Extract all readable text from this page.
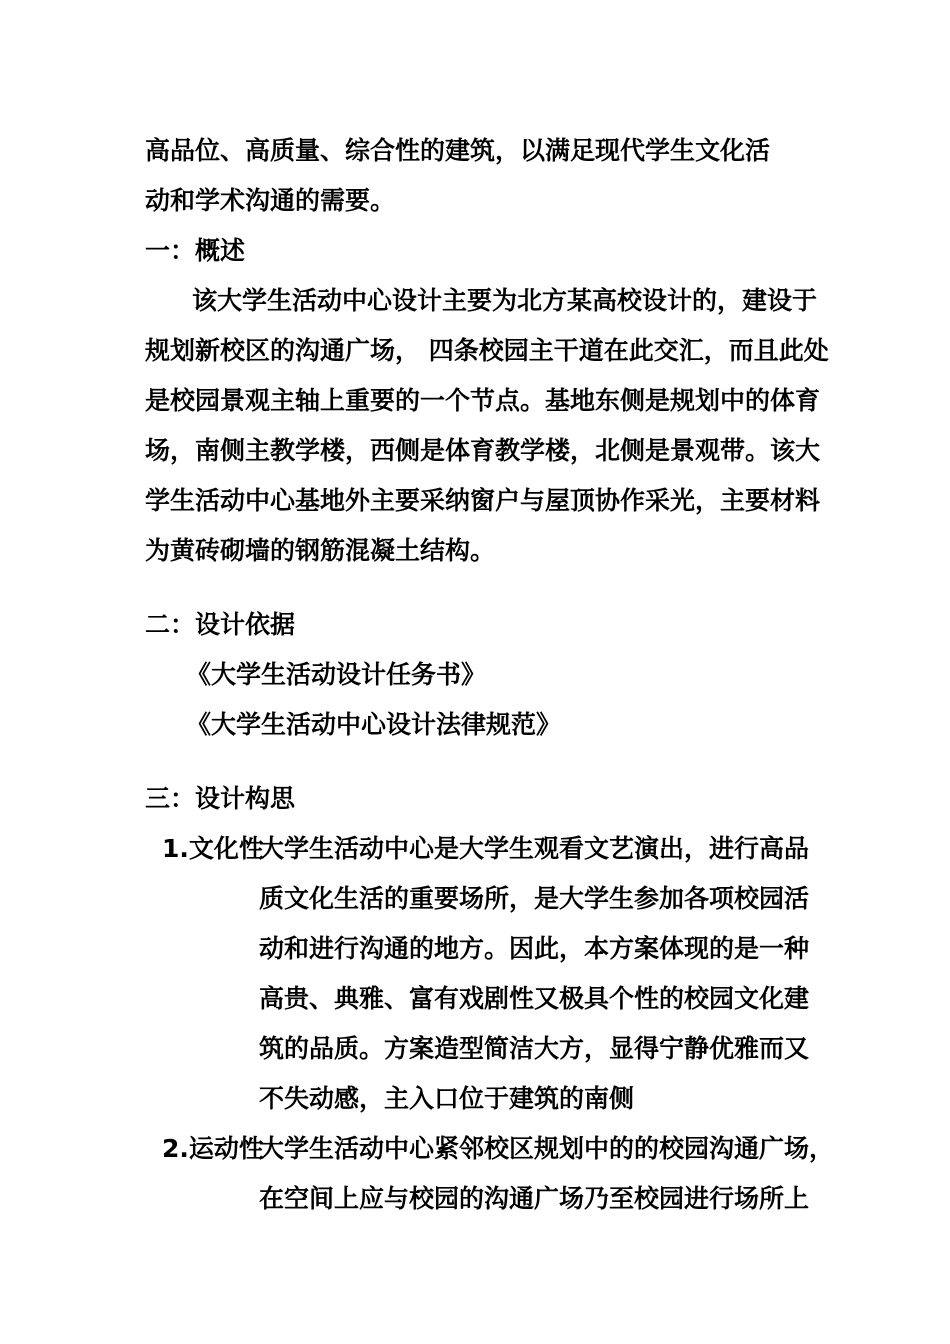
高品位、高质量、综合性的建筑，以满足现代学生文化活
动和学术沟通的需要。
一：概述
该大学生活动中心设计主要为北方某高校设计的，建设于
规划新校区的沟通广场， 四条校园主干道在此交汇，而且此处
是校园景观主轴上重要的一个节点。基地东侧是规划中的体育
场，南侧主教学楼，西侧是体育教学楼，北侧是景观带。该大
学生活动中心基地外主要采纳窗户与屋顶协作采光，主要材料
为黄砖砌墙的钢筋混凝土结构。
二：设计依据
《大学生活动设计任务书》
《大学生活动中心设计法律规范》
三：设计构思
1.文化性
大学生活动中心是大学生观看文艺演出，进行高品
质文化生活的重要场所，是大学生参加各项校园活
动和进行沟通的地方。因此，本方案体现的是一种
高贵、典雅、富有戏剧性又极具个性的校园文化建
筑的品质。方案造型简洁大方，显得宁静优雅而又
不失动感，主入口位于建筑的南侧
2.运动性
大学生活动中心紧邻校区规划中的的校园沟通广场，
在空间上应与校园的沟通广场乃至校园进行场所上
